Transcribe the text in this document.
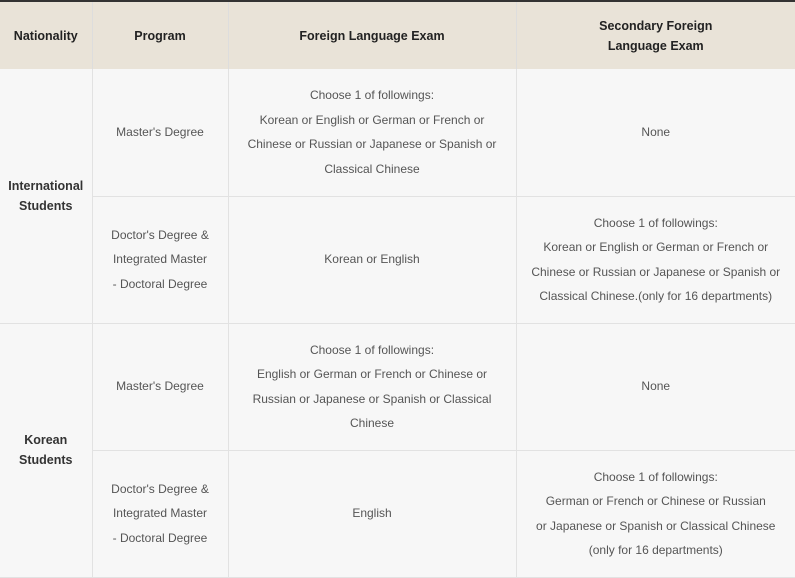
Nationality	Program	Foreign Language Exam	Secondary Foreign
Language Exam

International
Students	Master's Degree	Choose 1 of followings:
Korean or English or German or French or
Chinese or Russian or Japanese or Spanish or
Classical Chinese	None

	Doctor's Degree &
Integrated Master
- Doctoral Degree	Korean or English	Choose 1 of followings:
Korean or English or German or French or
Chinese or Russian or Japanese or Spanish or
Classical Chinese.(only for 16 departments)

Korean
Students	Master's Degree	Choose 1 of followings:
English or German or French or Chinese or
Russian or Japanese or Spanish or Classical
Chinese	None

	Doctor's Degree &
Integrated Master
- Doctoral Degree	English	Choose 1 of followings:
German or French or Chinese or Russian
or Japanese or Spanish or Classical Chinese
(only for 16 departments)
